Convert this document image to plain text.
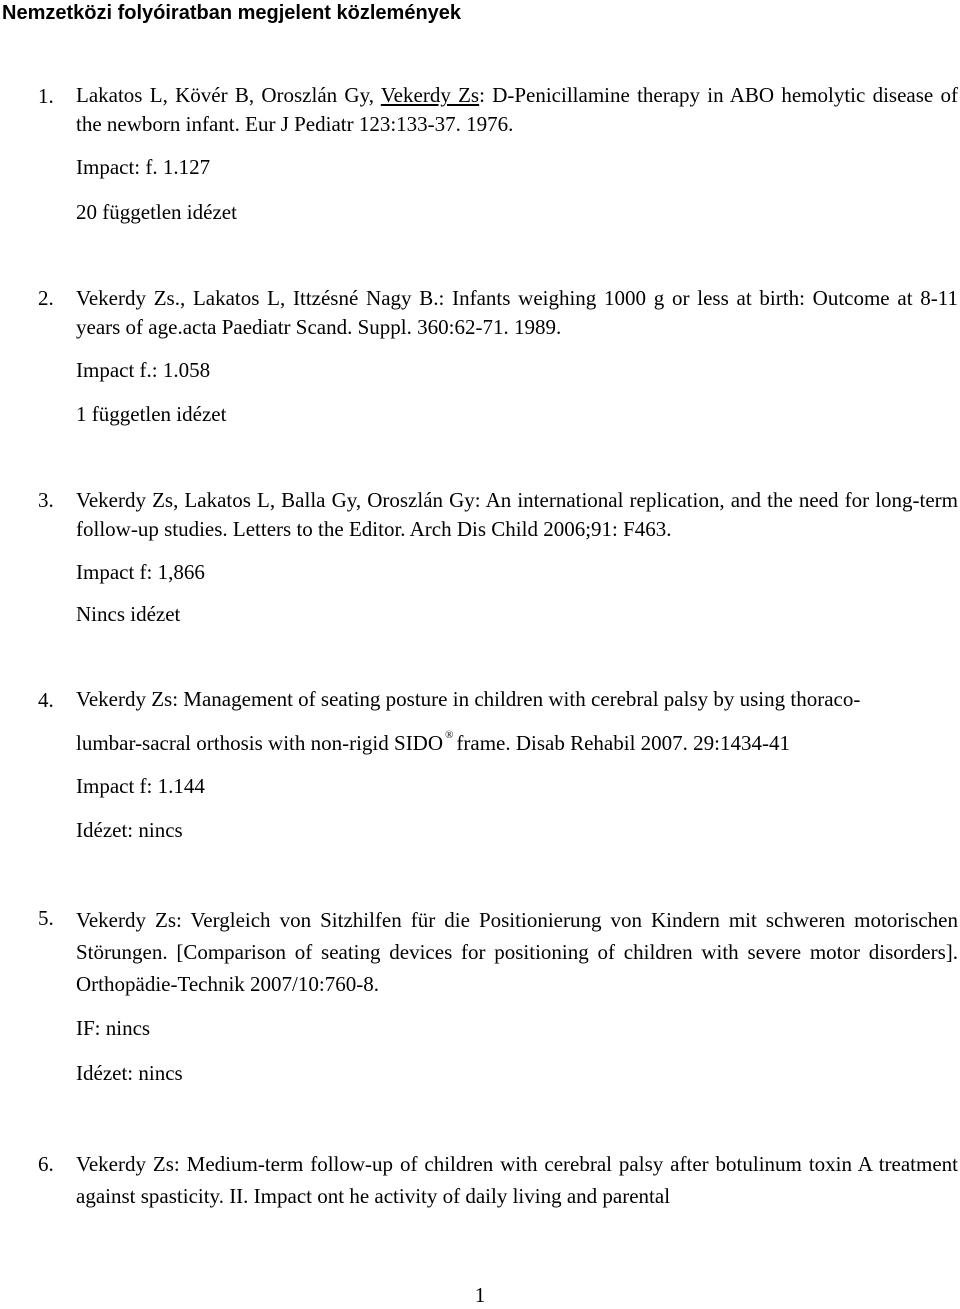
Nemzetközi folyóiratban megjelent közlemények
1. Lakatos L, Kövér B, Oroszlán Gy, Vekerdy Zs: D-Penicillamine therapy in ABO hemolytic disease of the newborn infant. Eur J Pediatr 123:133-37. 1976.
Impact: f. 1.127
20 független idézet
2. Vekerdy Zs., Lakatos L, Ittzésné Nagy B.: Infants weighing 1000 g or less at birth: Outcome at 8-11 years of age.acta Paediatr Scand. Suppl. 360:62-71. 1989.
Impact f.: 1.058
1 független idézet
3. Vekerdy Zs, Lakatos L, Balla Gy, Oroszlán Gy: An international replication, and the need for long-term follow-up studies. Letters to the Editor. Arch Dis Child 2006;91: F463.
Impact f: 1,866
Nincs idézet
4. Vekerdy Zs: Management of seating posture in children with cerebral palsy by using thoraco-
lumbar-sacral orthosis with non-rigid SIDO ® frame. Disab Rehabil 2007. 29:1434-41
Impact f: 1.144
Idézet: nincs
5. Vekerdy Zs: Vergleich von Sitzhilfen für die Positionierung von Kindern mit schweren motorischen Störungen. [Comparison of seating devices for positioning of children with severe motor disorders]. Orthopädie-Technik 2007/10:760-8.
IF: nincs
Idézet: nincs
6. Vekerdy Zs: Medium-term follow-up of children with cerebral palsy after botulinum toxin A treatment against spasticity. II. Impact ont he activity of daily living and parental
1
